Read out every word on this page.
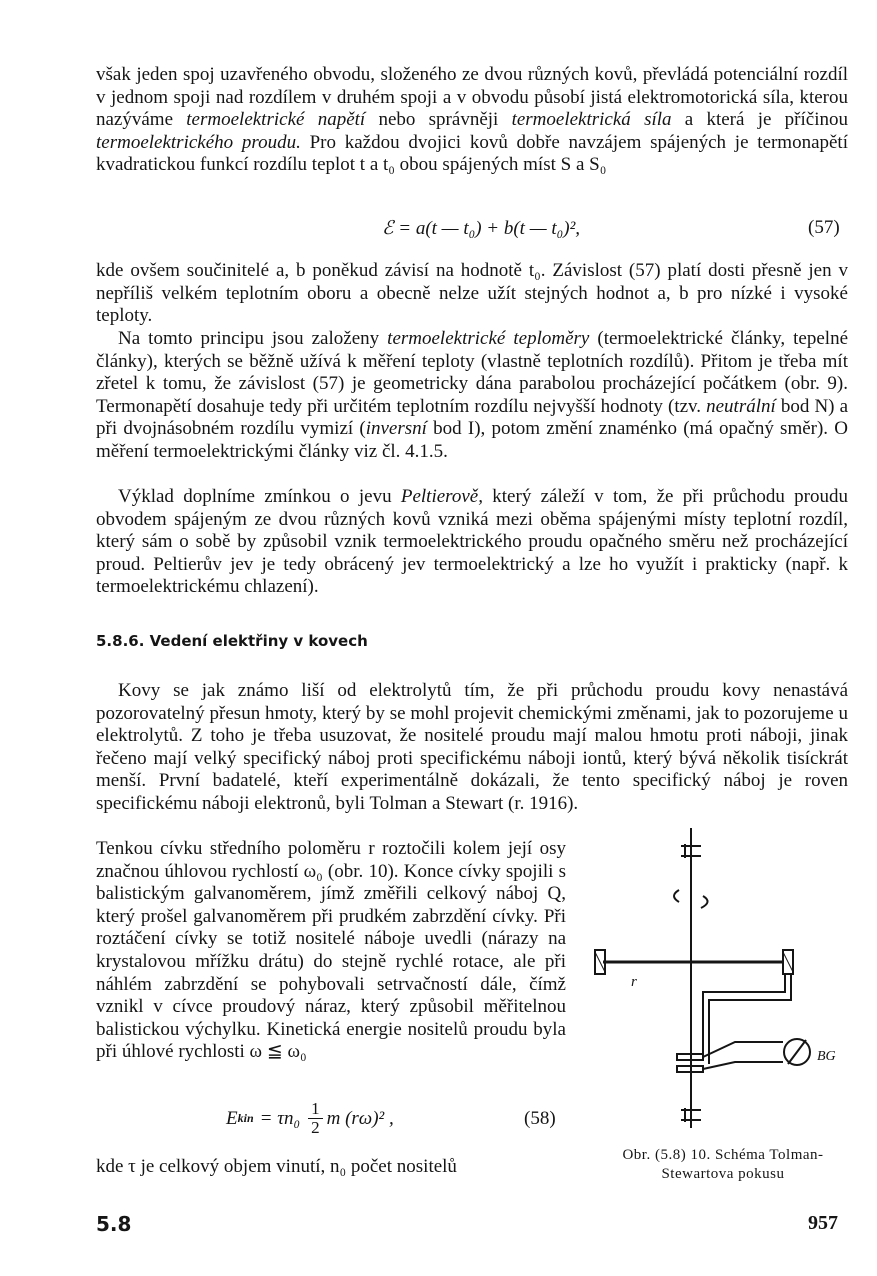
však jeden spoj uzavřeného obvodu, složeného ze dvou různých kovů, převládá potenciální rozdíl v jednom spoji nad rozdílem v druhém spoji a v obvodu působí jistá elektromotorická síla, kterou nazýváme termoelektrické napětí nebo správněji termoelektrická síla a která je příčinou termoelektrického proudu. Pro každou dvojici kovů dobře navzájem spájených je termonapětí kvadratickou funkcí rozdílu teplot t a t₀ obou spájených míst S a S₀

ℰ = a(t — t₀) + b(t — t₀)²,	(57)

kde ovšem součinitelé a, b poněkud závisí na hodnotě t₀. Závislost (57) platí dosti přesně jen v nepříliš velkém teplotním oboru a obecně nelze užít stejných hodnot a, b pro nízké i vysoké teploty.

Na tomto principu jsou založeny termoelektrické teploměry (termoelektrické články, tepelné články), kterých se běžně užívá k měření teploty (vlastně teplotních rozdílů). Přitom je třeba mít zřetel k tomu, že závislost (57) je geometricky dána parabolou procházející počátkem (obr. 9). Termonapětí dosahuje tedy při určitém teplotním rozdílu nejvyšší hodnoty (tzv. neutrální bod N) a při dvojnásobném rozdílu vymizí (inversní bod I), potom změní znaménko (má opačný směr). O měření termoelektrickými články viz čl. 4.1.5.

Výklad doplníme zmínkou o jevu Peltierově, který záleží v tom, že při průchodu proudu obvodem spájeným ze dvou různých kovů vzniká mezi oběma spájenými místy teplotní rozdíl, který sám o sobě by způsobil vznik termoelektrického proudu opačného směru než procházející proud. Peltierův jev je tedy obrácený jev termoelektrický a lze ho využít i prakticky (např. k termoelektrickému chlazení).

5.8.6. Vedení elektřiny v kovech

Kovy se jak známo liší od elektrolytů tím, že při průchodu proudu kovy nenastává pozorovatelný přesun hmoty, který by se mohl projevit chemickými změnami, jak to pozorujeme u elektrolytů. Z toho je třeba usuzovat, že nositelé proudu mají malou hmotu proti náboji, jinak řečeno mají velký specifický náboj proti specifickému náboji iontů, který bývá několik tisíckrát menší. První badatelé, kteří experimentálně dokázali, že tento specifický náboj je roven specifickému náboji elektronů, byli Tolman a Stewart (r. 1916).

Tenkou cívku středního poloměru r roztočili kolem její osy značnou úhlovou rychlostí ω₀ (obr. 10). Konce cívky spojili s balistickým galvanoměrem, jímž změřili celkový náboj Q, který prošel galvanoměrem při prudkém zabrzdění cívky. Při roztáčení cívky se totiž nositelé náboje uvedli (nárazy na krystalovou mřížku drátu) do stejně rychlé rotace, ale při náhlém zabrzdění se pohybovali setrvačností dále, čímž vznikl v cívce proudový náraz, který způsobil měřitelnou balistickou výchylku. Kinetická energie nositelů proudu byla při úhlové rychlosti ω ≦ ω₀

E kin = $\tau n_0 \frac{1}{2}$ m (rω)² ,	(58)

kde τ je celkový objem vinutí, n₀ počet nositelů

r
BG
Obr. (5.8) 10. Schéma Tolman-
Stewartova pokusu
5.8	957
